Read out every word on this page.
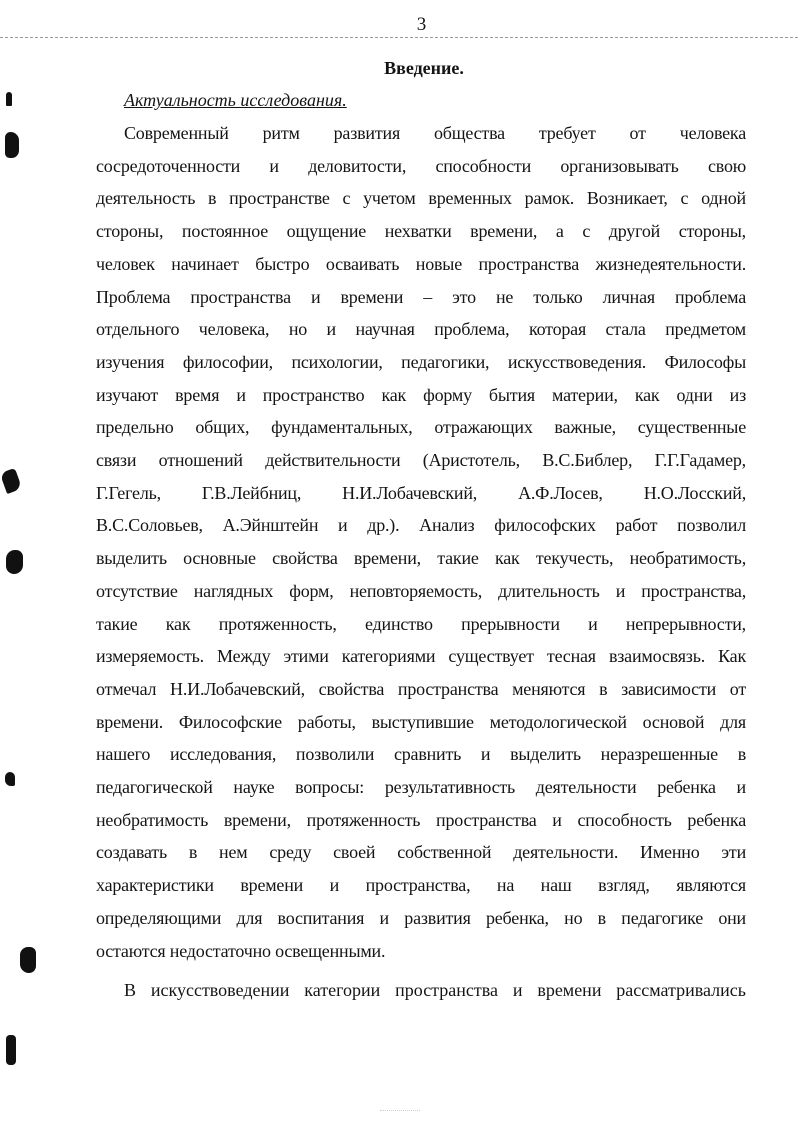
3
Введение.
Актуальность исследования.
Современный ритм развития общества требует от человека
сосредоточенности и деловитости, способности организовывать свою
деятельность в пространстве с учетом временных рамок. Возникает, с одной
стороны, постоянное ощущение нехватки времени, а с другой стороны,
человек начинает быстро осваивать новые пространства жизнедеятельности.
Проблема пространства и времени – это не только личная проблема
отдельного человека, но и научная проблема, которая стала предметом
изучения философии, психологии, педагогики, искусствоведения. Философы
изучают время и пространство как форму бытия материи, как одни из
предельно общих, фундаментальных, отражающих важные, существенные
связи отношений действительности (Аристотель, В.С.Библер, Г.Г.Гадамер,
Г.Гегель, Г.В.Лейбниц, Н.И.Лобачевский, А.Ф.Лосев, Н.О.Лосский,
В.С.Соловьев, А.Эйнштейн и др.). Анализ философских работ позволил
выделить основные свойства времени, такие как текучесть, необратимость,
отсутствие наглядных форм, неповторяемость, длительность и пространства,
такие как протяженность, единство прерывности и непрерывности,
измеряемость. Между этими категориями существует тесная взаимосвязь. Как
отмечал Н.И.Лобачевский, свойства пространства меняются в зависимости от
времени. Философские работы, выступившие методологической основой для
нашего исследования, позволили сравнить и выделить неразрешенные в
педагогической науке вопросы: результативность деятельности ребенка и
необратимость времени, протяженность пространства и способность ребенка
создавать в нем среду своей собственной деятельности. Именно эти
характеристики времени и пространства, на наш взгляд, являются
определяющими для воспитания и развития ребенка, но в педагогике они
остаются недостаточно освещенными.
В искусствоведении категории пространства и времени рассматривались
